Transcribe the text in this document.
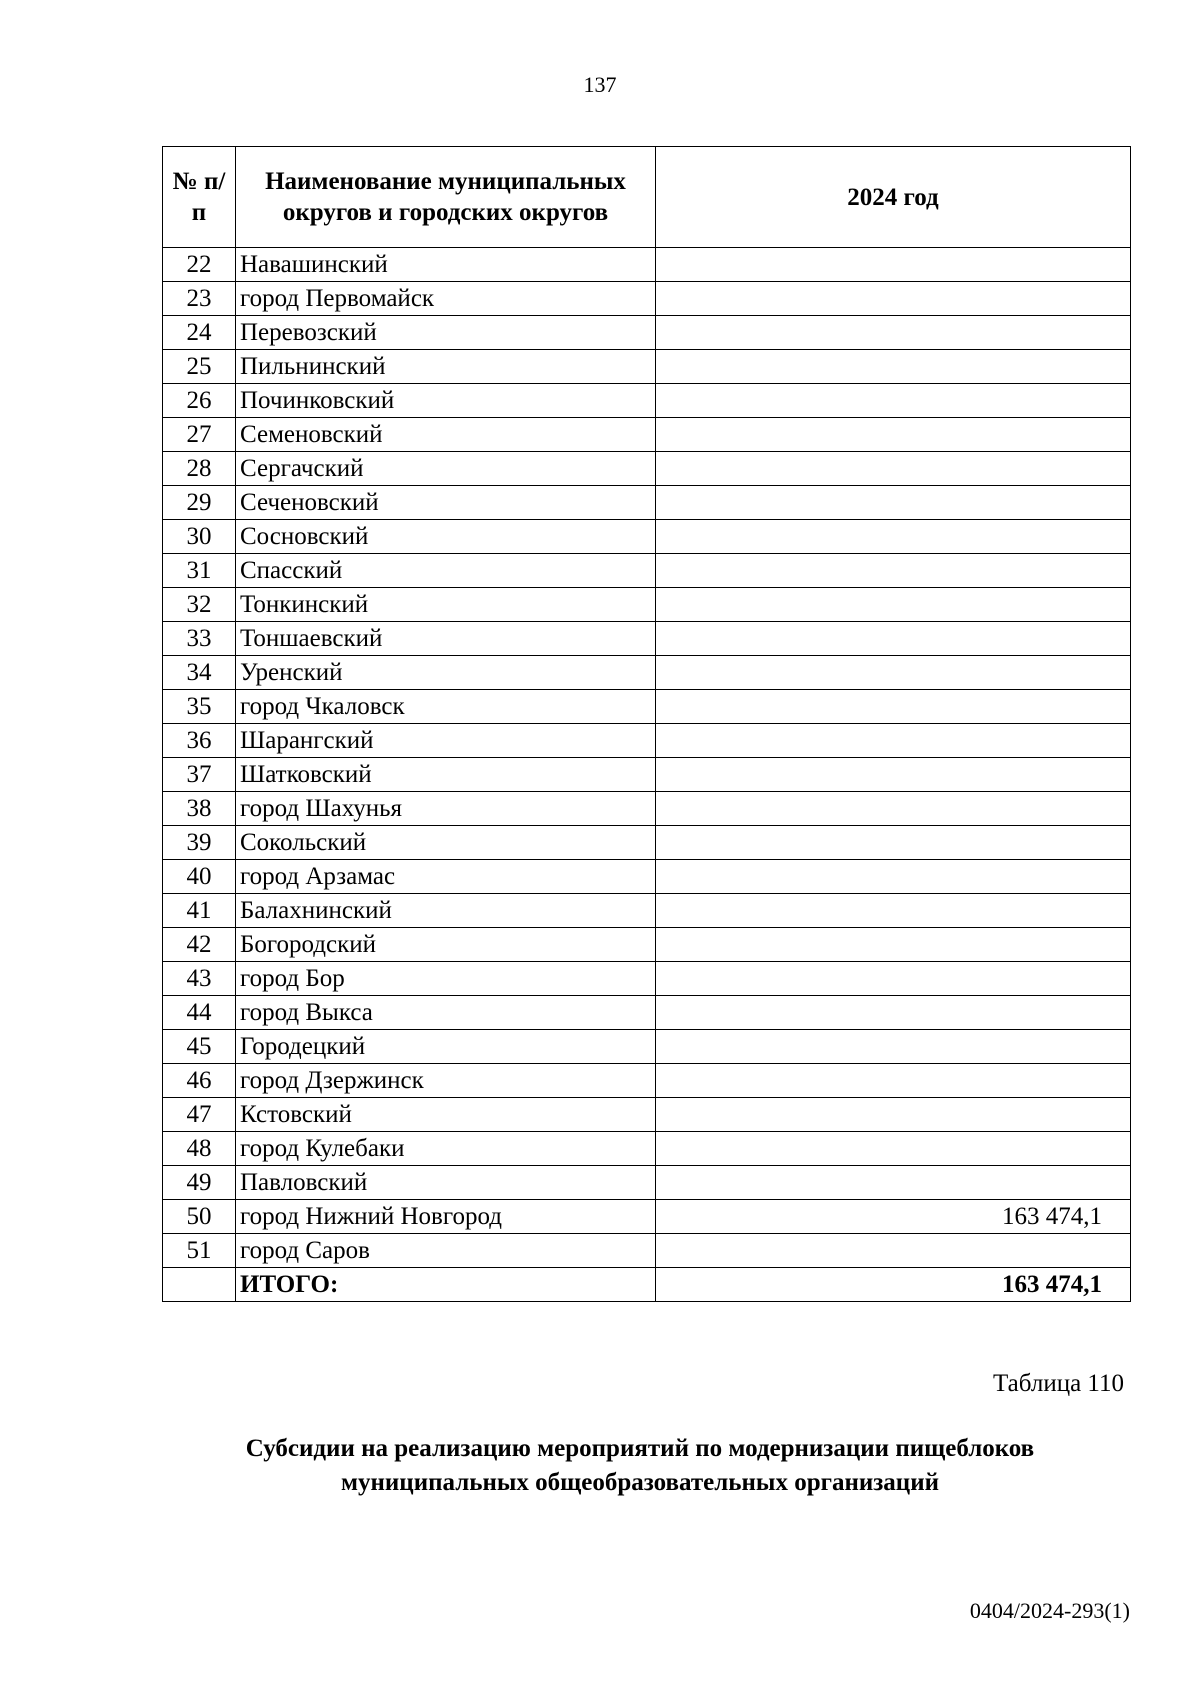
137
№ п/п	Наименование муниципальных округов и городских округов	2024 год
22	Навашинский	
23	город Первомайск	
24	Перевозский	
25	Пильнинский	
26	Починковский	
27	Семеновский	
28	Сергачский	
29	Сеченовский	
30	Сосновский	
31	Спасский	
32	Тонкинский	
33	Тоншаевский	
34	Уренский	
35	город Чкаловск	
36	Шарангский	
37	Шатковский	
38	город Шахунья	
39	Сокольский	
40	город Арзамас	
41	Балахнинский	
42	Богородский	
43	город Бор	
44	город Выкса	
45	Городецкий	
46	город Дзержинск	
47	Кстовский	
48	город Кулебаки	
49	Павловский	
50	город Нижний Новгород	163 474,1
51	город Саров	
	ИТОГО:	163 474,1
Таблица 110
Субсидии на реализацию мероприятий по модернизации пищеблоков муниципальных общеобразовательных организаций
0404/2024-293(1)
